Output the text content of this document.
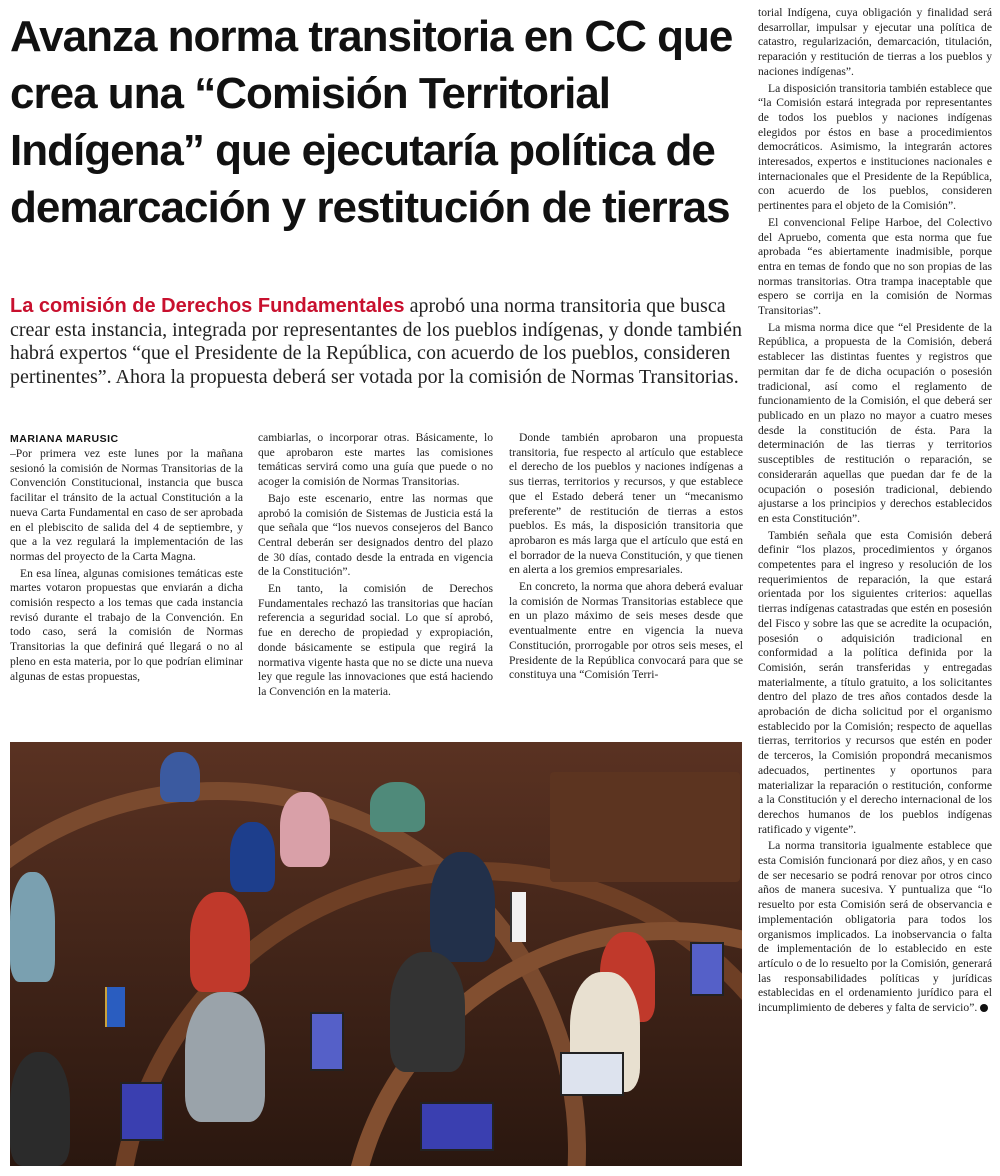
Avanza norma transitoria en CC que crea una “Comisión Territorial Indígena” que ejecutaría política de demarcación y restitución de tierras

La comisión de Derechos Fundamentales aprobó una norma transitoria que busca crear esta instancia, integrada por representantes de los pueblos indígenas, y donde también habrá expertos “que el Presidente de la República, con acuerdo de los pueblos, consideren pertinentes”. Ahora la propuesta deberá ser votada por la comisión de Normas Transitorias.

MARIANA MARUSIC

–Por primera vez este lunes por la mañana sesionó la comisión de Normas Transitorias de la Convención Constitucional, instancia que busca facilitar el tránsito de la actual Constitución a la nueva Carta Fundamental en caso de ser aprobada en el plebiscito de salida del 4 de septiembre, y que a la vez regulará la implementación de las normas del proyecto de la Carta Magna.

En esa línea, algunas comisiones temáticas este martes votaron propuestas que enviarán a dicha comisión respecto a los temas que cada instancia revisó durante el trabajo de la Convención. En todo caso, será la comisión de Normas Transitorias la que definirá qué llegará o no al pleno en esta materia, por lo que podrían eliminar algunas de estas propuestas,

cambiarlas, o incorporar otras. Básicamente, lo que aprobaron este martes las comisiones temáticas servirá como una guía que puede o no acoger la comisión de Normas Transitorias.

Bajo este escenario, entre las normas que aprobó la comisión de Sistemas de Justicia está la que señala que “los nuevos consejeros del Banco Central deberán ser designados dentro del plazo de 30 días, contado desde la entrada en vigencia de la Constitución”.

En tanto, la comisión de Derechos Fundamentales rechazó las transitorias que hacían referencia a seguridad social. Lo que sí aprobó, fue en derecho de propiedad y expropiación, donde básicamente se estipula que regirá la normativa vigente hasta que no se dicte una nueva ley que regule las innovaciones que está haciendo la Convención en la materia.

Donde también aprobaron una propuesta transitoria, fue respecto al artículo que establece el derecho de los pueblos y naciones indígenas a sus tierras, territorios y recursos, y que establece que el Estado deberá tener un “mecanismo preferente” de restitución de tierras a estos pueblos. Es más, la disposición transitoria que aprobaron es más larga que el artículo que está en el borrador de la nueva Constitución, y que tienen en alerta a los gremios empresariales.

En concreto, la norma que ahora deberá evaluar la comisión de Normas Transitorias establece que en un plazo máximo de seis meses desde que eventualmente entre en vigencia la nueva Constitución, prorrogable por otros seis meses, el Presidente de la República convocará para que se constituya una “Comisión Terri-

torial Indígena, cuya obligación y finalidad será desarrollar, impulsar y ejecutar una política de catastro, regularización, demarcación, titulación, reparación y restitución de tierras a los pueblos y naciones indígenas”.

La disposición transitoria también establece que “la Comisión estará integrada por representantes de todos los pueblos y naciones indígenas elegidos por éstos en base a procedimientos democráticos. Asimismo, la integrarán actores interesados, expertos e instituciones nacionales e internacionales que el Presidente de la República, con acuerdo de los pueblos, consideren pertinentes para el objeto de la Comisión”.

El convencional Felipe Harboe, del Colectivo del Apruebo, comenta que esta norma que fue aprobada “es abiertamente inadmisible, porque entra en temas de fondo que no son propias de las normas transitorias. Otra trampa inaceptable que espero se corrija en la comisión de Normas Transitorias”.

La misma norma dice que “el Presidente de la República, a propuesta de la Comisión, deberá establecer las distintas fuentes y registros que permitan dar fe de dicha ocupación o posesión tradicional, así como el reglamento de funcionamiento de la Comisión, el que deberá ser publicado en un plazo no mayor a cuatro meses desde la constitución de ésta. Para la determinación de las tierras y territorios susceptibles de restitución o reparación, se considerarán aquellas que puedan dar fe de la ocupación o posesión tradicional, debiendo ajustarse a los principios y derechos establecidos en esta Constitución”.

También señala que esta Comisión deberá definir “los plazos, procedimientos y órganos competentes para el ingreso y resolución de los requerimientos de reparación, la que estará orientada por los siguientes criterios: aquellas tierras indígenas catastradas que estén en posesión del Fisco y sobre las que se acredite la ocupación, posesión o adquisición tradicional en conformidad a la política definida por la Comisión, serán transferidas y entregadas materialmente, a título gratuito, a los solicitantes dentro del plazo de tres años contados desde la aprobación de dicha solicitud por el organismo establecido por la Comisión; respecto de aquellas tierras, territorios y recursos que estén en poder de terceros, la Comisión propondrá mecanismos adecuados, pertinentes y oportunos para materializar la reparación o restitución, conforme a la Constitución y el derecho internacional de los derechos humanos de los pueblos indígenas ratificado y vigente”.

La norma transitoria igualmente establece que esta Comisión funcionará por diez años, y en caso de ser necesario se podrá renovar por otros cinco años de manera sucesiva. Y puntualiza que “lo resuelto por esta Comisión será de observancia e implementación obligatoria para todos los organismos implicados. La inobservancia o falta de implementación de lo establecido en este artículo o de lo resuelto por la Comisión, generará las responsabilidades políticas y jurídicas establecidas en el ordenamiento jurídico para el incumplimiento de deberes y falta de servicio”.
